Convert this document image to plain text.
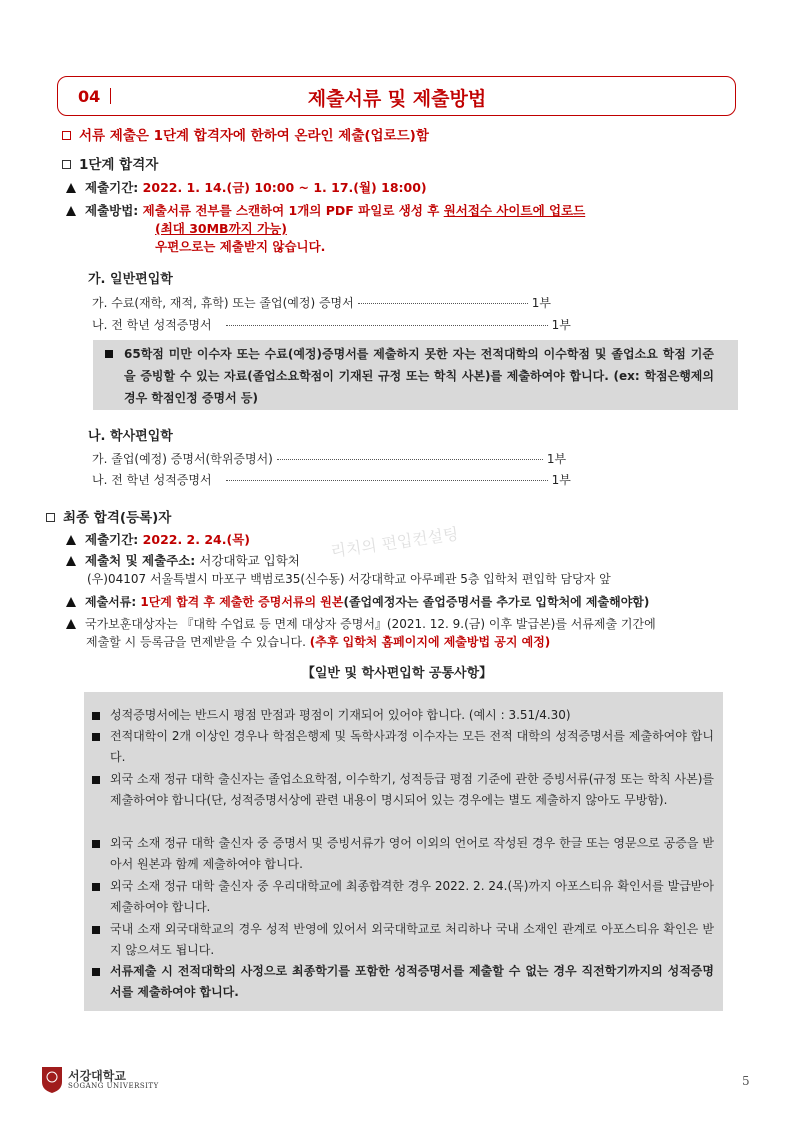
04	제출서류 및 제출방법
서류 제출은 1단계 합격자에 한하여 온라인 제출(업로드)함
1단계 합격자
제출기간: 2022. 1. 14.(금) 10:00 ~ 1. 17.(월) 18:00)
제출방법: 제출서류 전부를 스캔하여 1개의 PDF 파일로 생성 후 원서접수 사이트에 업로드
(최대 30MB까지 가능)
우편으로는 제출받지 않습니다.
가. 일반편입학
가. 수료(재학, 재적, 휴학) 또는 졸업(예정) 증명서	1부
나. 전 학년 성적증명서	1부

65학점 미만 이수자 또는 수료(예정)증명서를 제출하지 못한 자는 전적대학의 이수학점 및 졸업소요 학점 기준을 증빙할 수 있는 자료(졸업소요학점이 기재된 규정 또는 학칙 사본)를 제출하여야 합니다. (ex: 학점은행제의 경우 학점인정 증명서 등)

나. 학사편입학
가. 졸업(예정) 증명서(학위증명서)	1부
나. 전 학년 성적증명서	1부
최종 합격(등록)자
제출기간: 2022. 2. 24.(목)
제출처 및 제출주소: 서강대학교 입학처
(우)04107 서울특별시 마포구 백범로35(신수동) 서강대학교 아루페관 5층 입학처 편입학 담당자 앞
제출서류: 1단계 합격 후 제출한 증명서류의 원본(졸업예정자는 졸업증명서를 추가로 입학처에 제출해야함)
국가보훈대상자는 『대학 수업료 등 면제 대상자 증명서』(2021. 12. 9.(금) 이후 발급본)를 서류제출 기간에
제출할 시 등록금을 면제받을 수 있습니다. (추후 입학처 홈페이지에 제출방법 공지 예정)
리치의 편입컨설팅
【일반 및 학사편입학 공통사항】
성적증명서에는 반드시 평점 만점과 평점이 기재되어 있어야 합니다. (예시 : 3.51/4.30)
전적대학이 2개 이상인 경우나 학점은행제 및 독학사과정 이수자는 모든 전적 대학의 성적증명서를 제출하여야 합니다.
외국 소재 정규 대학 출신자는 졸업소요학점, 이수학기, 성적등급 평점 기준에 관한 증빙서류(규정 또는 학칙 사본)를 제출하여야 합니다(단, 성적증명서상에 관련 내용이 명시되어 있는 경우에는 별도 제출하지 않아도 무방함).
외국 소재 정규 대학 출신자 중 증명서 및 증빙서류가 영어 이외의 언어로 작성된 경우 한글 또는 영문으로 공증을 받아서 원본과 함께 제출하여야 합니다.
외국 소재 정규 대학 출신자 중 우리대학교에 최종합격한 경우 2022. 2. 24.(목)까지 아포스티유 확인서를 발급받아 제출하여야 합니다.
국내 소재 외국대학교의 경우 성적 반영에 있어서 외국대학교로 처리하나 국내 소재인 관계로 아포스티유 확인은 받지 않으셔도 됩니다.
서류제출 시 전적대학의 사정으로 최종학기를 포함한 성적증명서를 제출할 수 없는 경우 직전학기까지의 성적증명서를 제출하여야 합니다.
서강대학교
SOGANG UNIVERSITY	5
